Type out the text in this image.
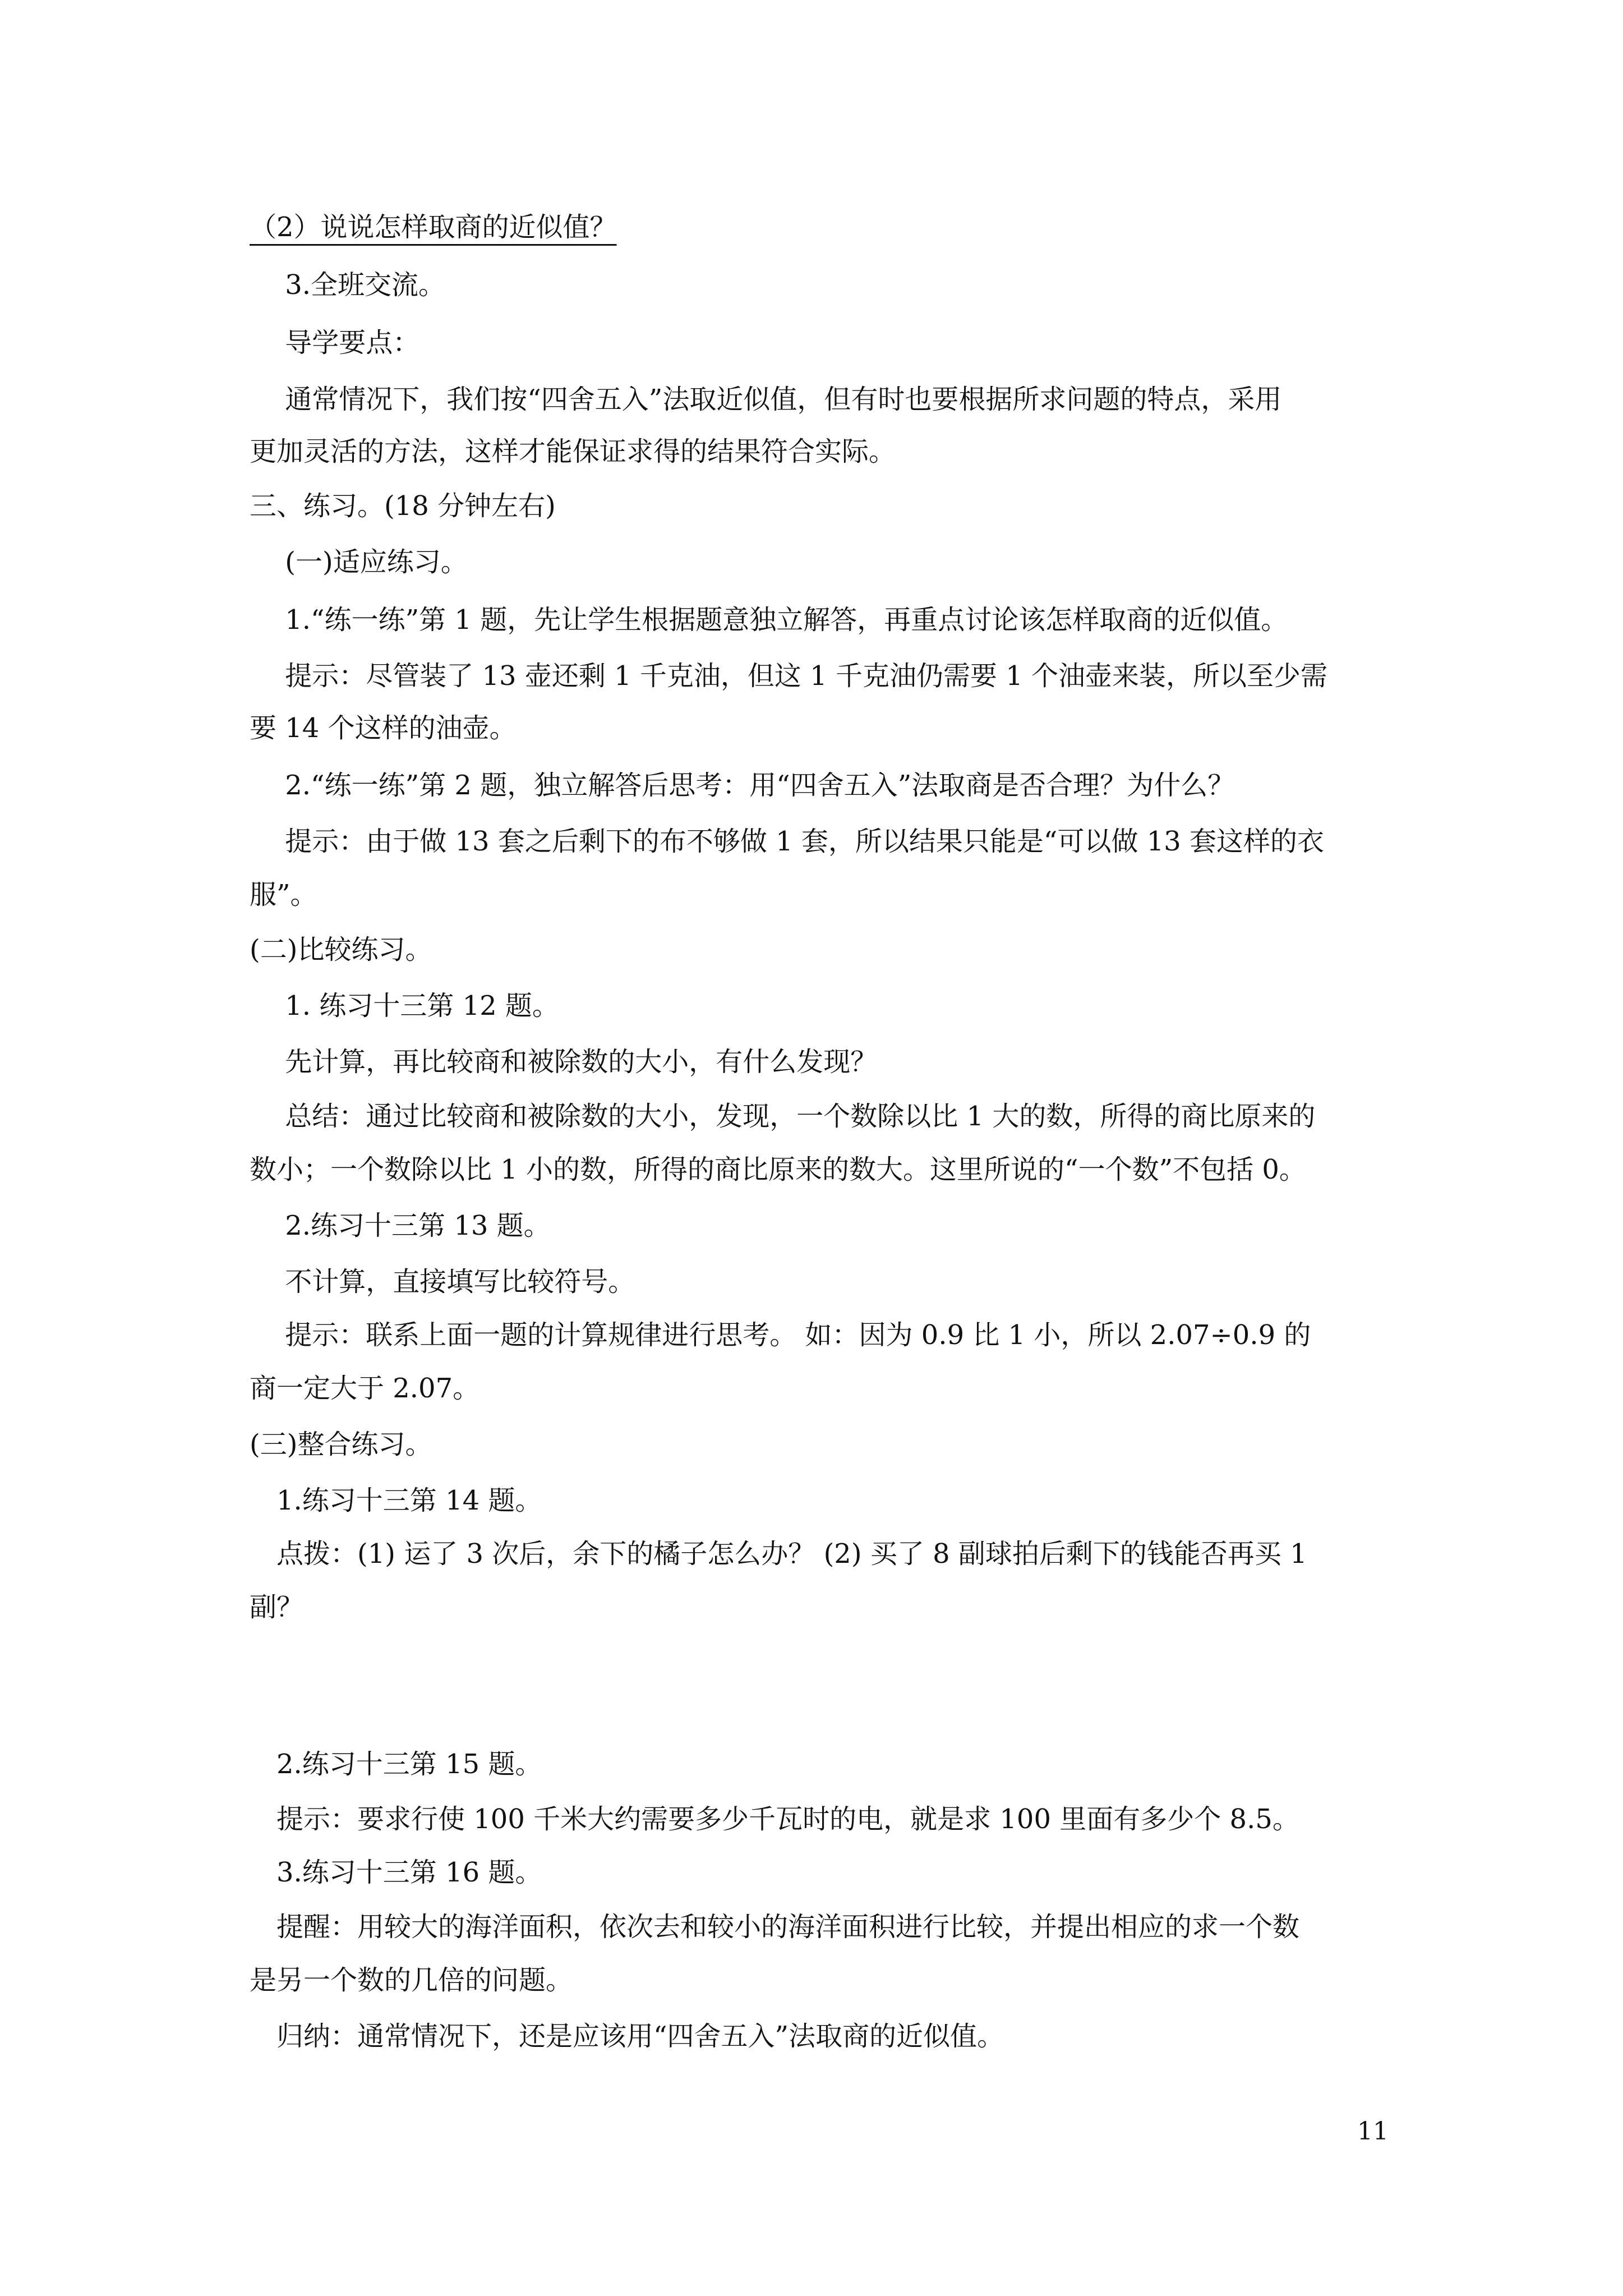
（2）说说怎样取商的近似值？
　 3.全班交流。
　 导学要点：
　 通常情况下，我们按“四舍五入”法取近似值，但有时也要根据所求问题的特点，采用
更加灵活的方法，这样才能保证求得的结果符合实际。
三、练习。(18 分钟左右)
　 (一)适应练习。
　 1.“练一练”第 1 题，先让学生根据题意独立解答，再重点讨论该怎样取商的近似值。
　 提示：尽管装了 13 壶还剩 1 千克油，但这 1 千克油仍需要 1 个油壶来装，所以至少需
要 14 个这样的油壶。
　 2.“练一练”第 2 题，独立解答后思考：用“四舍五入”法取商是否合理？为什么？
　 提示：由于做 13 套之后剩下的布不够做 1 套，所以结果只能是“可以做 13 套这样的衣
服”。
(二)比较练习。
　 1. 练习十三第 12 题。
　 先计算，再比较商和被除数的大小，有什么发现？
　 总结：通过比较商和被除数的大小，发现，一个数除以比 1 大的数，所得的商比原来的
数小；一个数除以比 1 小的数，所得的商比原来的数大。这里所说的“一个数”不包括 0。
　 2.练习十三第 13 题。
　 不计算，直接填写比较符号。
　 提示：联系上面一题的计算规律进行思考。 如：因为 0.9 比 1 小，所以 2.07÷0.9 的
商一定大于 2.07。
(三)整合练习。
　1.练习十三第 14 题。
　点拨：(1) 运了 3 次后，余下的橘子怎么办？ (2) 买了 8 副球拍后剩下的钱能否再买 1
副？
　2.练习十三第 15 题。
　提示：要求行使 100 千米大约需要多少千瓦时的电，就是求 100 里面有多少个 8.5。
　3.练习十三第 16 题。
　提醒：用较大的海洋面积，依次去和较小的海洋面积进行比较，并提出相应的求一个数
是另一个数的几倍的问题。
　归纳：通常情况下，还是应该用“四舍五入”法取商的近似值。
11
